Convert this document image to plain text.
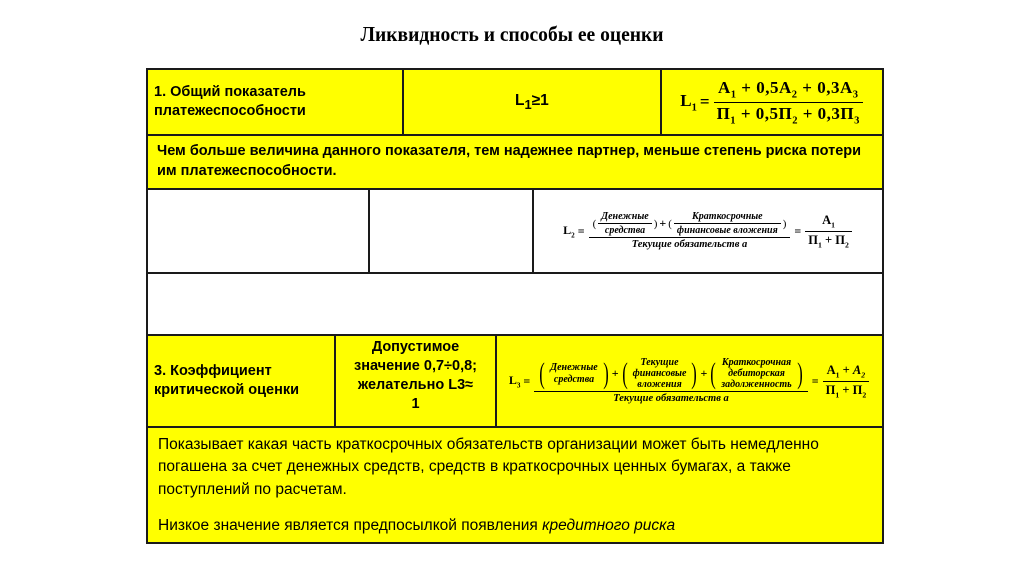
Ликвидность и способы ее оценки
1. Общий показатель платежеспособности
$L_1\ge 1$	$L_1 = \frac{А_1 + 0,5А_2 + 0,3А_3}{П_1 + 0,5П_2 + 0,3П_3}$
Чем больше величина данного показателя, тем надежнее партнер, меньше степень риска потери им платежеспособности.
$L_2$ = ( $\frac{\text{Денежные}}{\text{средства}}$ ) + ( $\frac{\text{Краткосрочные}}{\text{финансовые вложения}}$ )
Текущие обязательств а
= $\frac{А_1}{П_1 + П_2}$
3. Коэффициент критической оценки
Допустимое значение 0,7÷0,8; желательно L3≈
1
$L_3$ = ( Денежные
средства ) + ( Текущие
финансовые
вложения ) + ( Краткосрочная
дебиторская
задолженность )
Текущие обязательств а
= $\frac{А_1 + А_2}{П_1 + П_2}$
Показывает какая часть краткосрочных обязательств организации может быть немедленно погашена за счет денежных средств, средств в краткосрочных ценных бумагах, а также поступлений по расчетам.
Низкое значение является предпосылкой появления кредитного риска
